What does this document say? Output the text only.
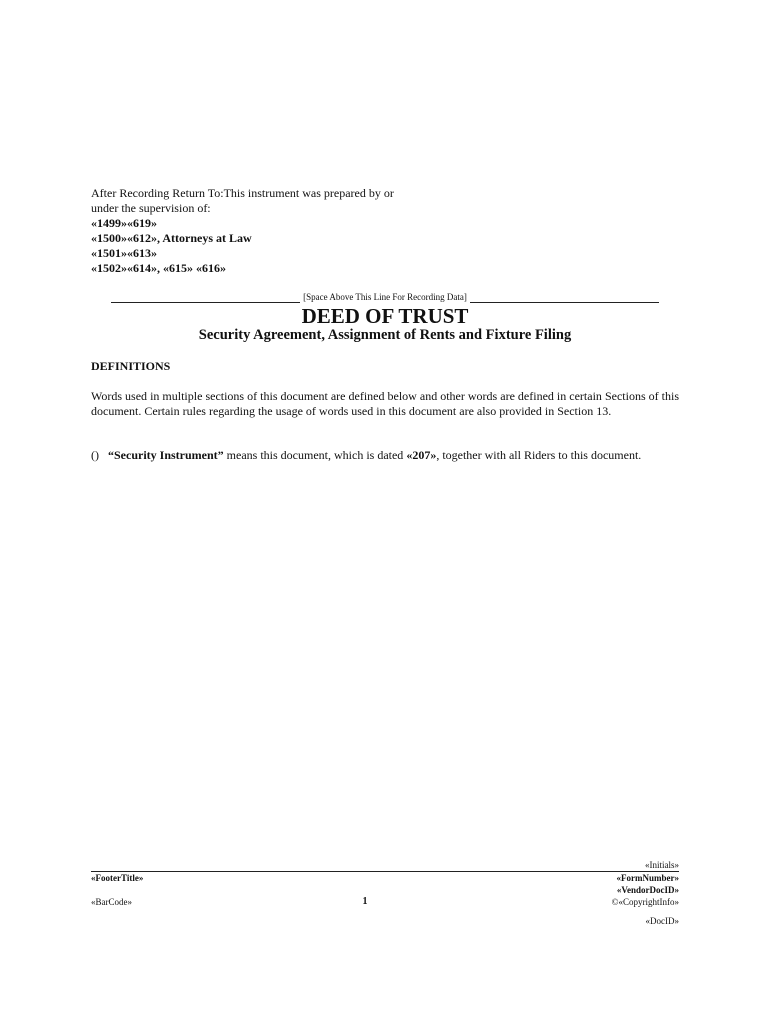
After Recording Return To:This instrument was prepared by or
under the supervision of:
«1499»«619»
«1500»«612», Attorneys at Law
«1501»«613»
«1502»«614», «615» «616»
[Space Above This Line For Recording Data]
DEED OF TRUST
Security Agreement, Assignment of Rents and Fixture Filing
DEFINITIONS
Words used in multiple sections of this document are defined below and other words are defined in certain Sections of this document. Certain rules regarding the usage of words used in this document are also provided in Section 13.
() “Security Instrument” means this document, which is dated «207», together with all Riders to this document.
«Initials»
«FooterTitle»	«FormNumber»
«VendorDocID»
«BarCode»	1	©«CopyrightInfo»
«DocID»
